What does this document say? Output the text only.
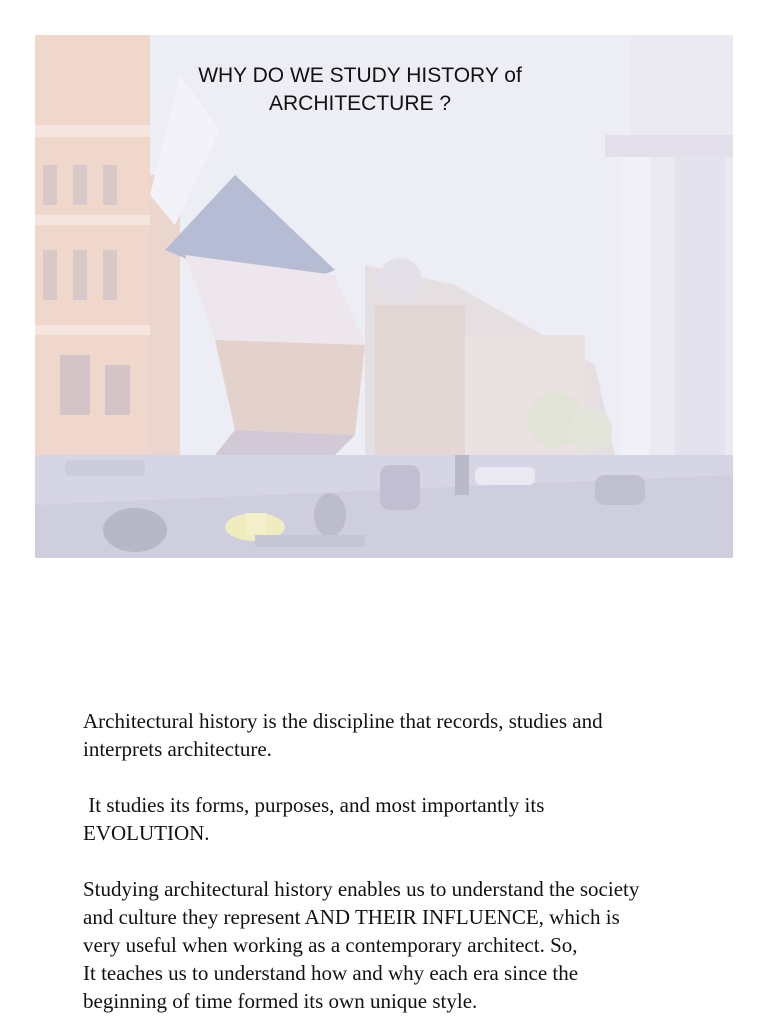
WHY DO WE STUDY HISTORY of
ARCHITECTURE ?

Architectural history is the discipline that records, studies and
interprets architecture.

It studies its forms, purposes, and most importantly its
EVOLUTION.

Studying architectural history enables us to understand the society
and culture they represent AND THEIR INFLUENCE, which is
very useful when working as a contemporary architect. So,
It teaches us to understand how and why each era since the
beginning of time formed its own unique style.
